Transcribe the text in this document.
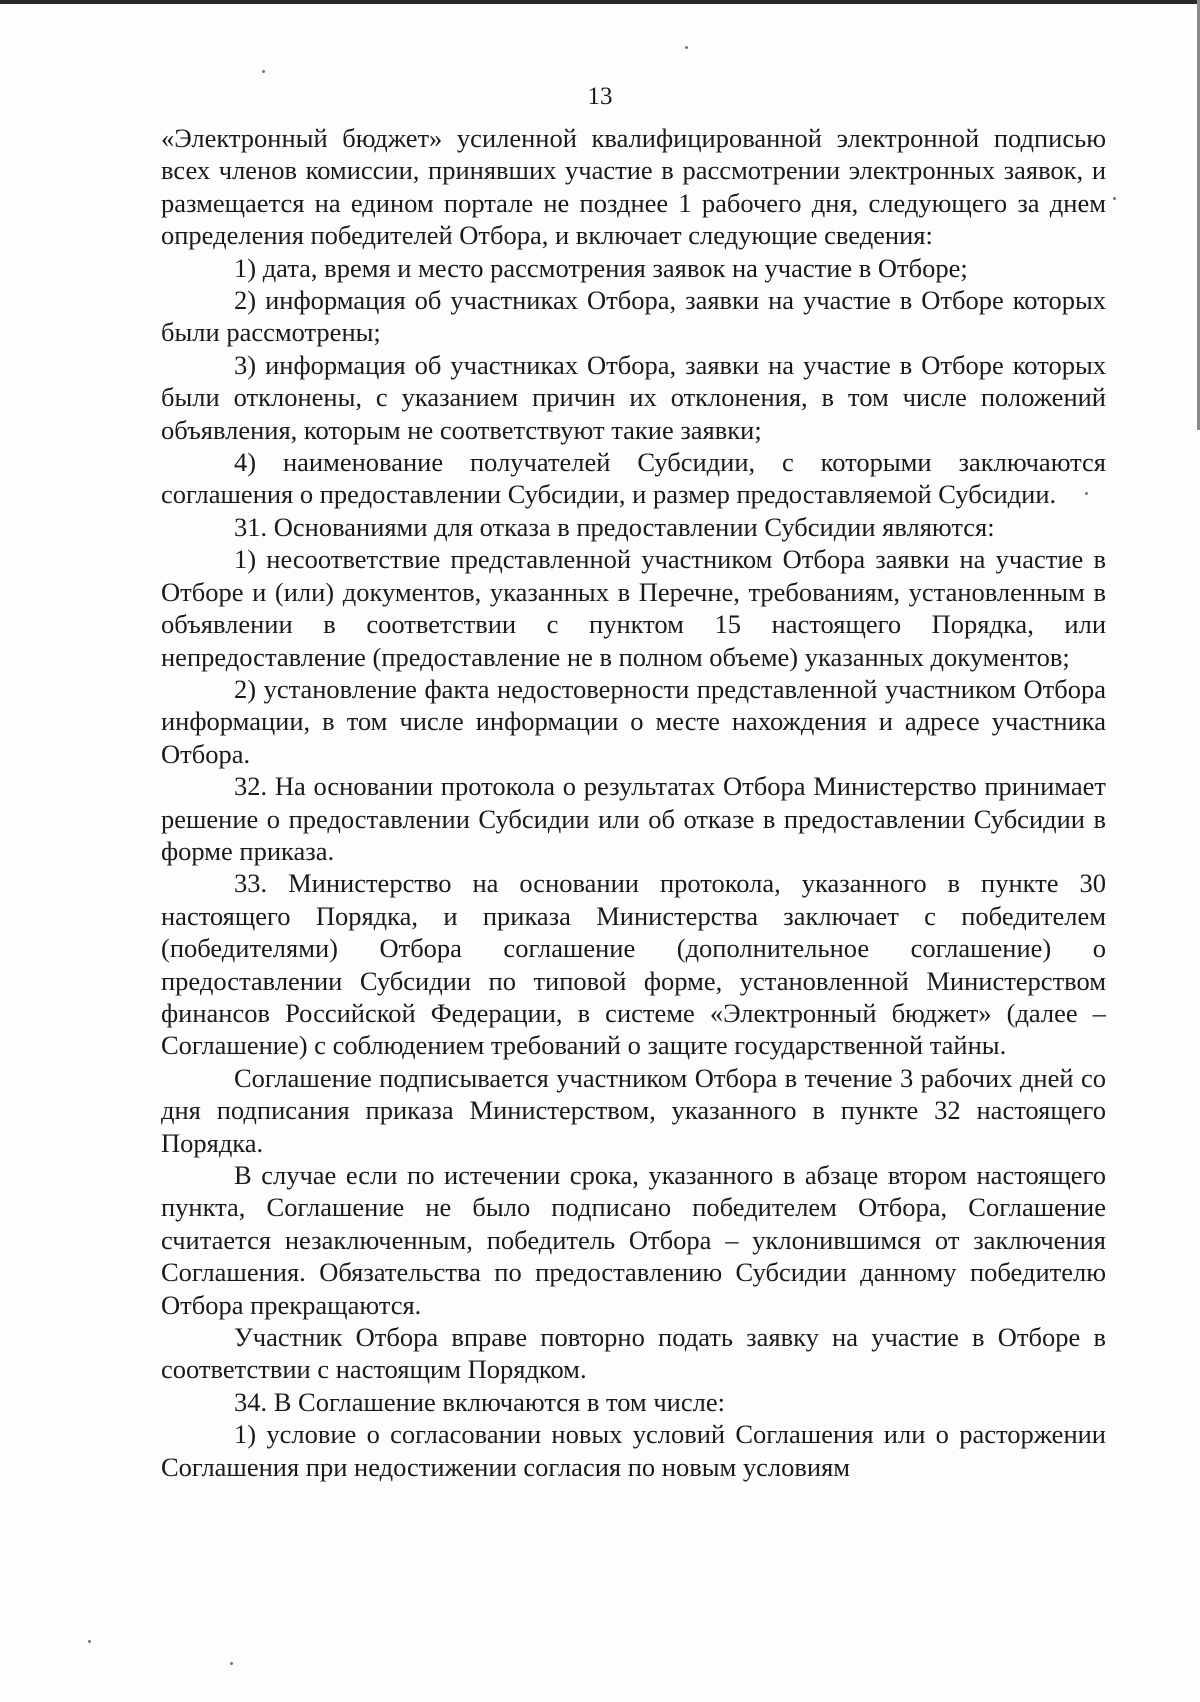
13

«Электронный бюджет» усиленной квалифицированной электронной подписью всех членов комиссии, принявших участие в рассмотрении электронных заявок, и размещается на едином портале не позднее 1 рабочего дня, следующего за днем определения победителей Отбора, и включает следующие сведения:

1) дата, время и место рассмотрения заявок на участие в Отборе;

2) информация об участниках Отбора, заявки на участие в Отборе которых были рассмотрены;

3) информация об участниках Отбора, заявки на участие в Отборе которых были отклонены, с указанием причин их отклонения, в том числе положений объявления, которым не соответствуют такие заявки;

4) наименование получателей Субсидии, с которыми заключаются соглашения о предоставлении Субсидии, и размер предоставляемой Субсидии.

31. Основаниями для отказа в предоставлении Субсидии являются:

1) несоответствие представленной участником Отбора заявки на участие в Отборе и (или) документов, указанных в Перечне, требованиям, установленным в объявлении в соответствии с пунктом 15 настоящего Порядка, или непредоставление (предоставление не в полном объеме) указанных документов;

2) установление факта недостоверности представленной участником Отбора информации, в том числе информации о месте нахождения и адресе участника Отбора.

32. На основании протокола о результатах Отбора Министерство принимает решение о предоставлении Субсидии или об отказе в предоставлении Субсидии в форме приказа.

33. Министерство на основании протокола, указанного в пункте 30 настоящего Порядка, и приказа Министерства заключает с победителем (победителями) Отбора соглашение (дополнительное соглашение) о предоставлении Субсидии по типовой форме, установленной Министерством финансов Российской Федерации, в системе «Электронный бюджет» (далее – Соглашение) с соблюдением требований о защите государственной тайны.

Соглашение подписывается участником Отбора в течение 3 рабочих дней со дня подписания приказа Министерством, указанного в пункте 32 настоящего Порядка.

В случае если по истечении срока, указанного в абзаце втором настоящего пункта, Соглашение не было подписано победителем Отбора, Соглашение считается незаключенным, победитель Отбора – уклонившимся от заключения Соглашения. Обязательства по предоставлению Субсидии данному победителю Отбора прекращаются.

Участник Отбора вправе повторно подать заявку на участие в Отборе в соответствии с настоящим Порядком.

34. В Соглашение включаются в том числе:

1) условие о согласовании новых условий Соглашения или о расторжении Соглашения при недостижении согласия по новым условиям
